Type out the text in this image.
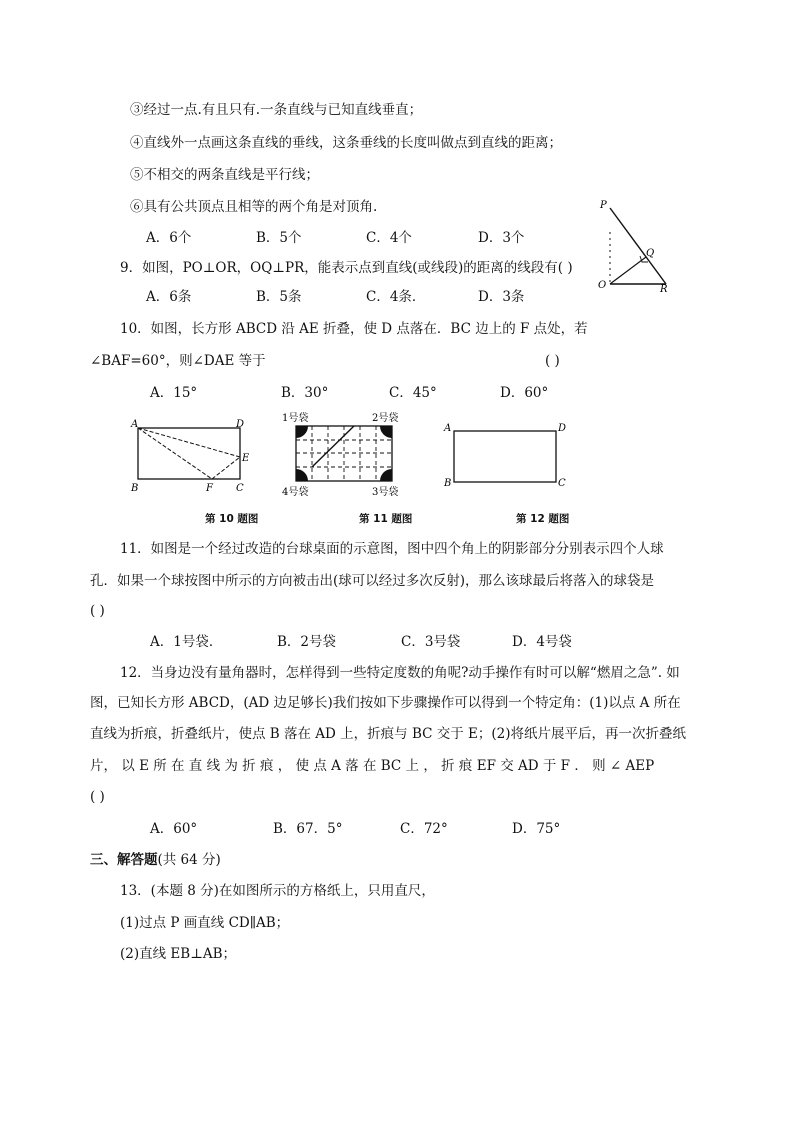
③经过一点.有且只有.一条直线与已知直线垂直；
④直线外一点画这条直线的垂线，这条垂线的长度叫做点到直线的距离；
⑤不相交的两条直线是平行线；
⑥具有公共顶点且相等的两个角是对顶角.
A．6个	B．5个	C．4个	D．3个
P
Q
O	R
9．如图，PO⊥OR，OQ⊥PR，能表示点到直线(或线段)的距离的线段有( )
A．6条	B．5条	C．4条．	D．3条
10．如图，长方形 ABCD 沿 AE 折叠，使 D 点落在．BC 边上的 F 点处，若
∠BAF=60°，则∠DAE 等于	( )
A．15°	B．30°	C．45°	D．60°
A	D
E
B	F C
第 10 题图
1号袋	2号袋
4号袋	3号袋
第 11 题图
A	D
B	C
第 12 题图
11．如图是一个经过改造的台球桌面的示意图，图中四个角上的阴影部分分别表示四个人球
孔．如果一个球按图中所示的方向被击出(球可以经过多次反射)，那么该球最后将落入的球袋是
( )
A．1号袋．	B．2号袋	C．3号袋	D．4号袋
12．当身边没有量角器时，怎样得到一些特定度数的角呢?动手操作有时可以解“燃眉之急”. 如
图，已知长方形 ABCD，(AD 边足够长)我们按如下步骤操作可以得到一个特定角：(1)以点 A 所在
直线为折痕，折叠纸片，使点 B 落在 AD 上，折痕与 BC 交于 E；(2)将纸片展平后，再一次折叠纸
片， 以 E 所 在 直 线 为 折 痕 ， 使 点 A 落 在 BC 上 ， 折 痕 EF 交 AD 于 F ． 则 ∠ AEP
( )
A．60°	B．67．5°	C．72°	D．75°
三、解答题(共 64 分)
13．(本题 8 分)在如图所示的方格纸上，只用直尺，
(1)过点 P 画直线 CD∥AB；
(2)直线 EB⊥AB；
